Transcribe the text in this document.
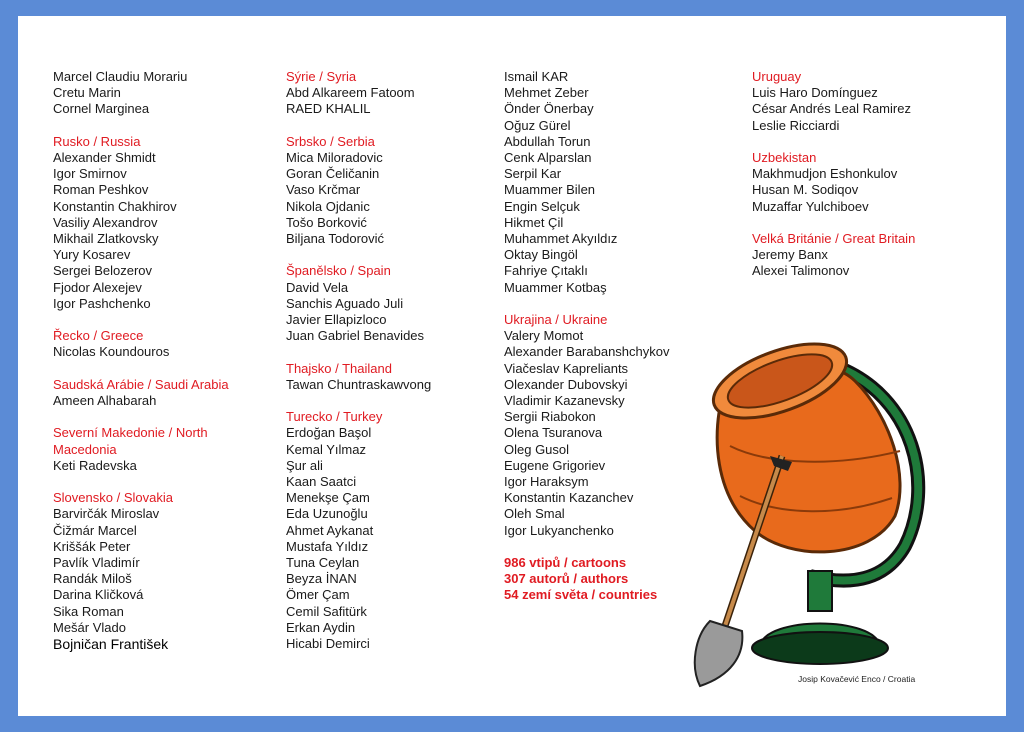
Marcel Claudiu Morariu
Cretu Marin
Cornel Marginea
Rusko / Russia
Alexander Shmidt
Igor Smirnov
Roman Peshkov
Konstantin Chakhirov
Vasiliy Alexandrov
Mikhail Zlatkovsky
Yury Kosarev
Sergei Belozerov
Fjodor Alexejev
Igor Pashchenko
Řecko / Greece
Nicolas Koundouros
Saudská Arábie / Saudi Arabia
Ameen Alhabarah
Severní Makedonie / North Macedonia
Keti Radevska
Slovensko / Slovakia
Barvirčák Miroslav
Čižmár Marcel
Kriššák Peter
Pavlík Vladimír
Randák Miloš
Darina Kličková
Sika Roman
Mešár Vlado
Bojničan František
Sýrie / Syria
Abd Alkareem Fatoom
RAED KHALIL
Srbsko / Serbia
Mica Miloradovic
Goran Čeličanin
Vaso Krčmar
Nikola Ojdanic
Tošo Borković
Biljana Todorović
Španělsko / Spain
David Vela
Sanchis Aguado Juli
Javier Ellapizloco
Juan Gabriel Benavides
Thajsko / Thailand
Tawan Chuntraskawvong
Turecko / Turkey
Erdoğan Başol
Kemal Yılmaz
Şur ali
Kaan Saatci
Menekşe Çam
Eda Uzunoğlu
Ahmet Aykanat
Mustafa Yıldız
Tuna Ceylan
Beyza İNAN
Ömer Çam
Cemil Safitürk
Erkan Aydin
Hicabi Demirci
Ismail KAR
Mehmet Zeber
Önder Önerbay
Oğuz Gürel
Abdullah Torun
Cenk Alparslan
Serpil Kar
Muammer Bilen
Engin Selçuk
Hikmet Çil
Muhammet Akyıldız
Oktay Bingöl
Fahriye Çıtaklı
Muammer Kotbaş
Ukrajina / Ukraine
Valery Momot
Alexander Barabanshchykov
Viačeslav Kapreliants
Olexander Dubovskyi
Vladimir Kazanevsky
Sergii Riabokon
Olena Tsuranova
Oleg Gusol
Eugene Grigoriev
Igor Haraksym
Konstantin Kazanchev
Oleh Smal
Igor Lukyanchenko
986 vtipů / cartoons
307 autorů / authors
54 zemí světa / countries
Uruguay
Luis Haro Domínguez
César Andrés Leal Ramirez
Leslie Ricciardi
Uzbekistan
Makhmudjon Eshonkulov
Husan M. Sodiqov
Muzaffar Yulchiboev
Velká Británie / Great Britain
Jeremy Banx
Alexei Talimonov
Josip Kovačević Enco / Croatia
